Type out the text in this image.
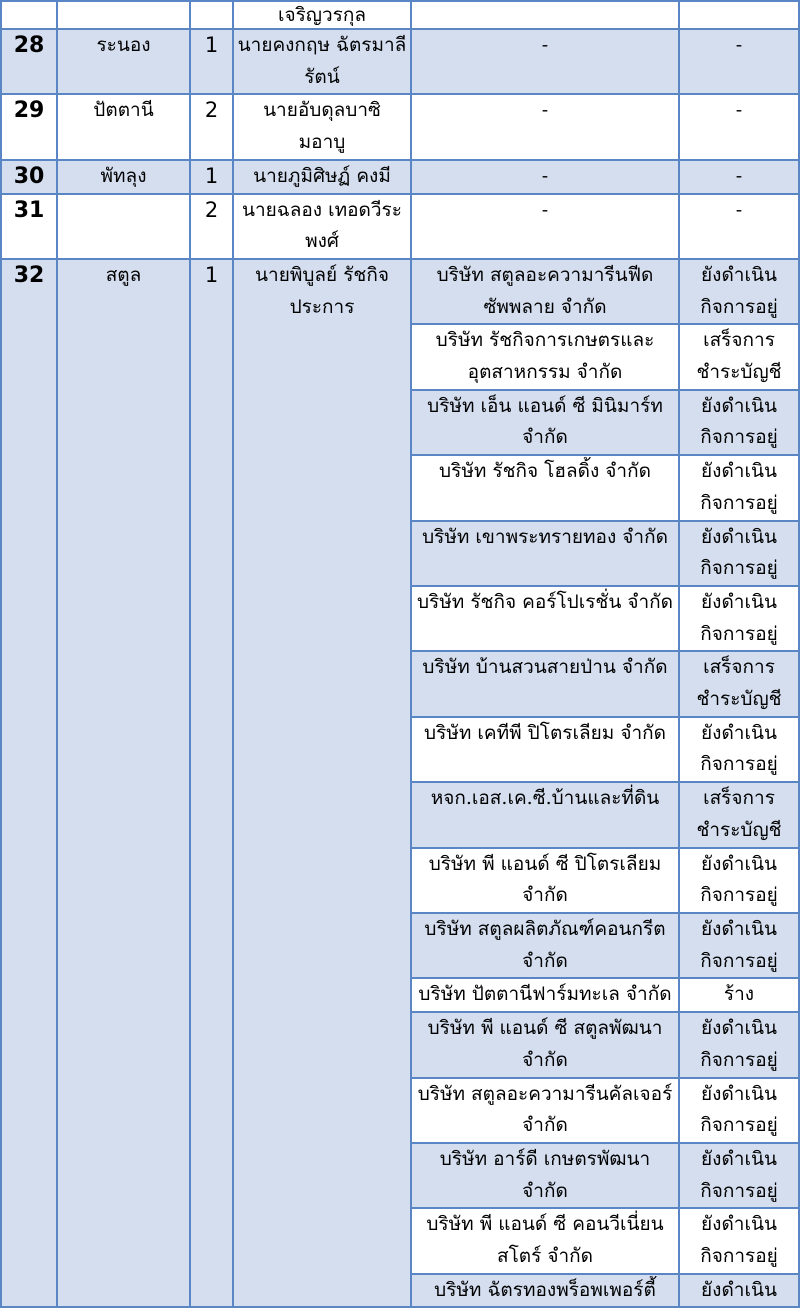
			เจริญวรกุล		
28	ระนอง	1	นายคงกฤษ ฉัตรมาลีรัตน์	-	-
29	ปัตตานี	2	นายอับดุลบาซิ มอาบู	-	-
30	พัทลุง	1	นายภูมิศิษฏ์ คงมี	-	-
31		2	นายฉลอง เทอดวีระพงศ์	-	-
32	สตูล	1	นายพิบูลย์ รัชกิจประการ	บริษัท สตูลอะความารีนฟีดซัพพลาย จำกัด	ยังดำเนินกิจการอยู่
				บริษัท รัชกิจการเกษตรและอุตสาหกรรม จำกัด	เสร็จการชำระบัญชี
				บริษัท เอ็น แอนด์ ซี มินิมาร์ท จำกัด	ยังดำเนินกิจการอยู่
				บริษัท รัชกิจ โฮลดิ้ง จำกัด	ยังดำเนินกิจการอยู่
				บริษัท เขาพระทรายทอง จำกัด	ยังดำเนินกิจการอยู่
				บริษัท รัชกิจ คอร์โปเรชั่น จำกัด	ยังดำเนินกิจการอยู่
				บริษัท บ้านสวนสายป่าน จำกัด	เสร็จการชำระบัญชี
				บริษัท เคทีพี ปิโตรเลียม จำกัด	ยังดำเนินกิจการอยู่
				หจก.เอส.เค.ซี.บ้านและที่ดิน	เสร็จการชำระบัญชี
				บริษัท พี แอนด์ ซี ปิโตรเลียม จำกัด	ยังดำเนินกิจการอยู่
				บริษัท สตูลผลิตภัณฑ์คอนกรีต จำกัด	ยังดำเนินกิจการอยู่
				บริษัท ปัตตานีฟาร์มทะเล จำกัด	ร้าง
				บริษัท พี แอนด์ ซี สตูลพัฒนา จำกัด	ยังดำเนินกิจการอยู่
				บริษัท สตูลอะความารีนคัลเจอร์ จำกัด	ยังดำเนินกิจการอยู่
				บริษัท อาร์ดี เกษตรพัฒนา จำกัด	ยังดำเนินกิจการอยู่
				บริษัท พี แอนด์ ซี คอนวีเนี่ยนสโตร์ จำกัด	ยังดำเนินกิจการอยู่
				บริษัท ฉัตรทองพร็อพเพอร์ตี้	ยังดำเนิน
